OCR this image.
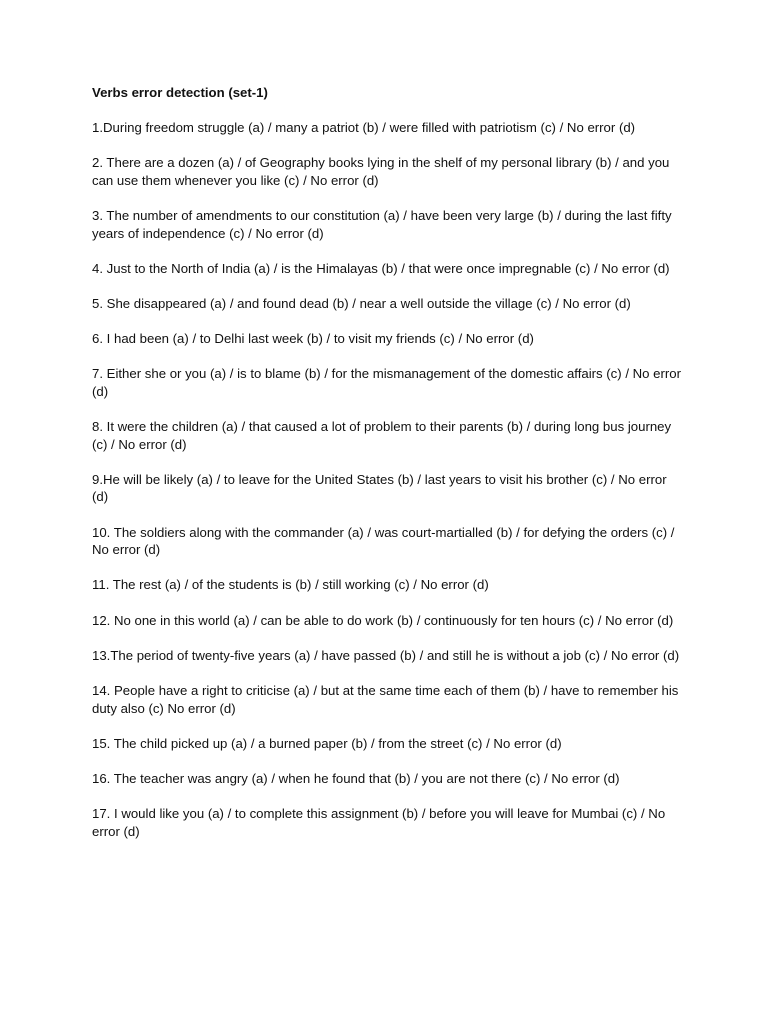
Verbs error detection (set-1)

1.During freedom struggle (a) / many a patriot (b) / were filled with patriotism (c) / No error (d)

2. There are a dozen (a) / of Geography books lying in the shelf of my personal library (b) / and you can use them whenever you like (c) / No error (d)

3. The number of amendments to our constitution (a) / have been very large (b) / during the last fifty years of independence (c) / No error (d)

4. Just to the North of India (a) / is the Himalayas (b) / that were once impregnable (c) / No error (d)

5. She disappeared (a) / and found dead (b) / near a well outside the village (c) / No error (d)

6. I had been (a) / to Delhi last week (b) / to visit my friends (c) / No error (d)

7. Either she or you (a) / is to blame (b) / for the mismanagement of the domestic affairs (c) / No error (d)

8. It were the children (a) / that caused a lot of problem to their parents (b) / during long bus journey (c) / No error (d)

9.He will be likely (a) / to leave for the United States (b) / last years to visit his brother (c) / No error (d)

10. The soldiers along with the commander (a) / was court-martialled (b) / for defying the orders (c) / No error (d)

11. The rest (a) / of the students is (b) / still working (c) / No error (d)

12. No one in this world (a) / can be able to do work (b) / continuously for ten hours (c) / No error (d)

13.The period of twenty-five years (a) / have passed (b) / and still he is without a job (c) / No error (d)

14. People have a right to criticise (a) / but at the same time each of them (b) / have to remember his duty also (c) No error (d)

15. The child picked up (a) / a burned paper (b) / from the street (c) / No error (d)

16. The teacher was angry (a) / when he found that (b) / you are not there (c) / No error (d)

17. I would like you (a) / to complete this assignment (b) / before you will leave for Mumbai (c) / No error (d)
